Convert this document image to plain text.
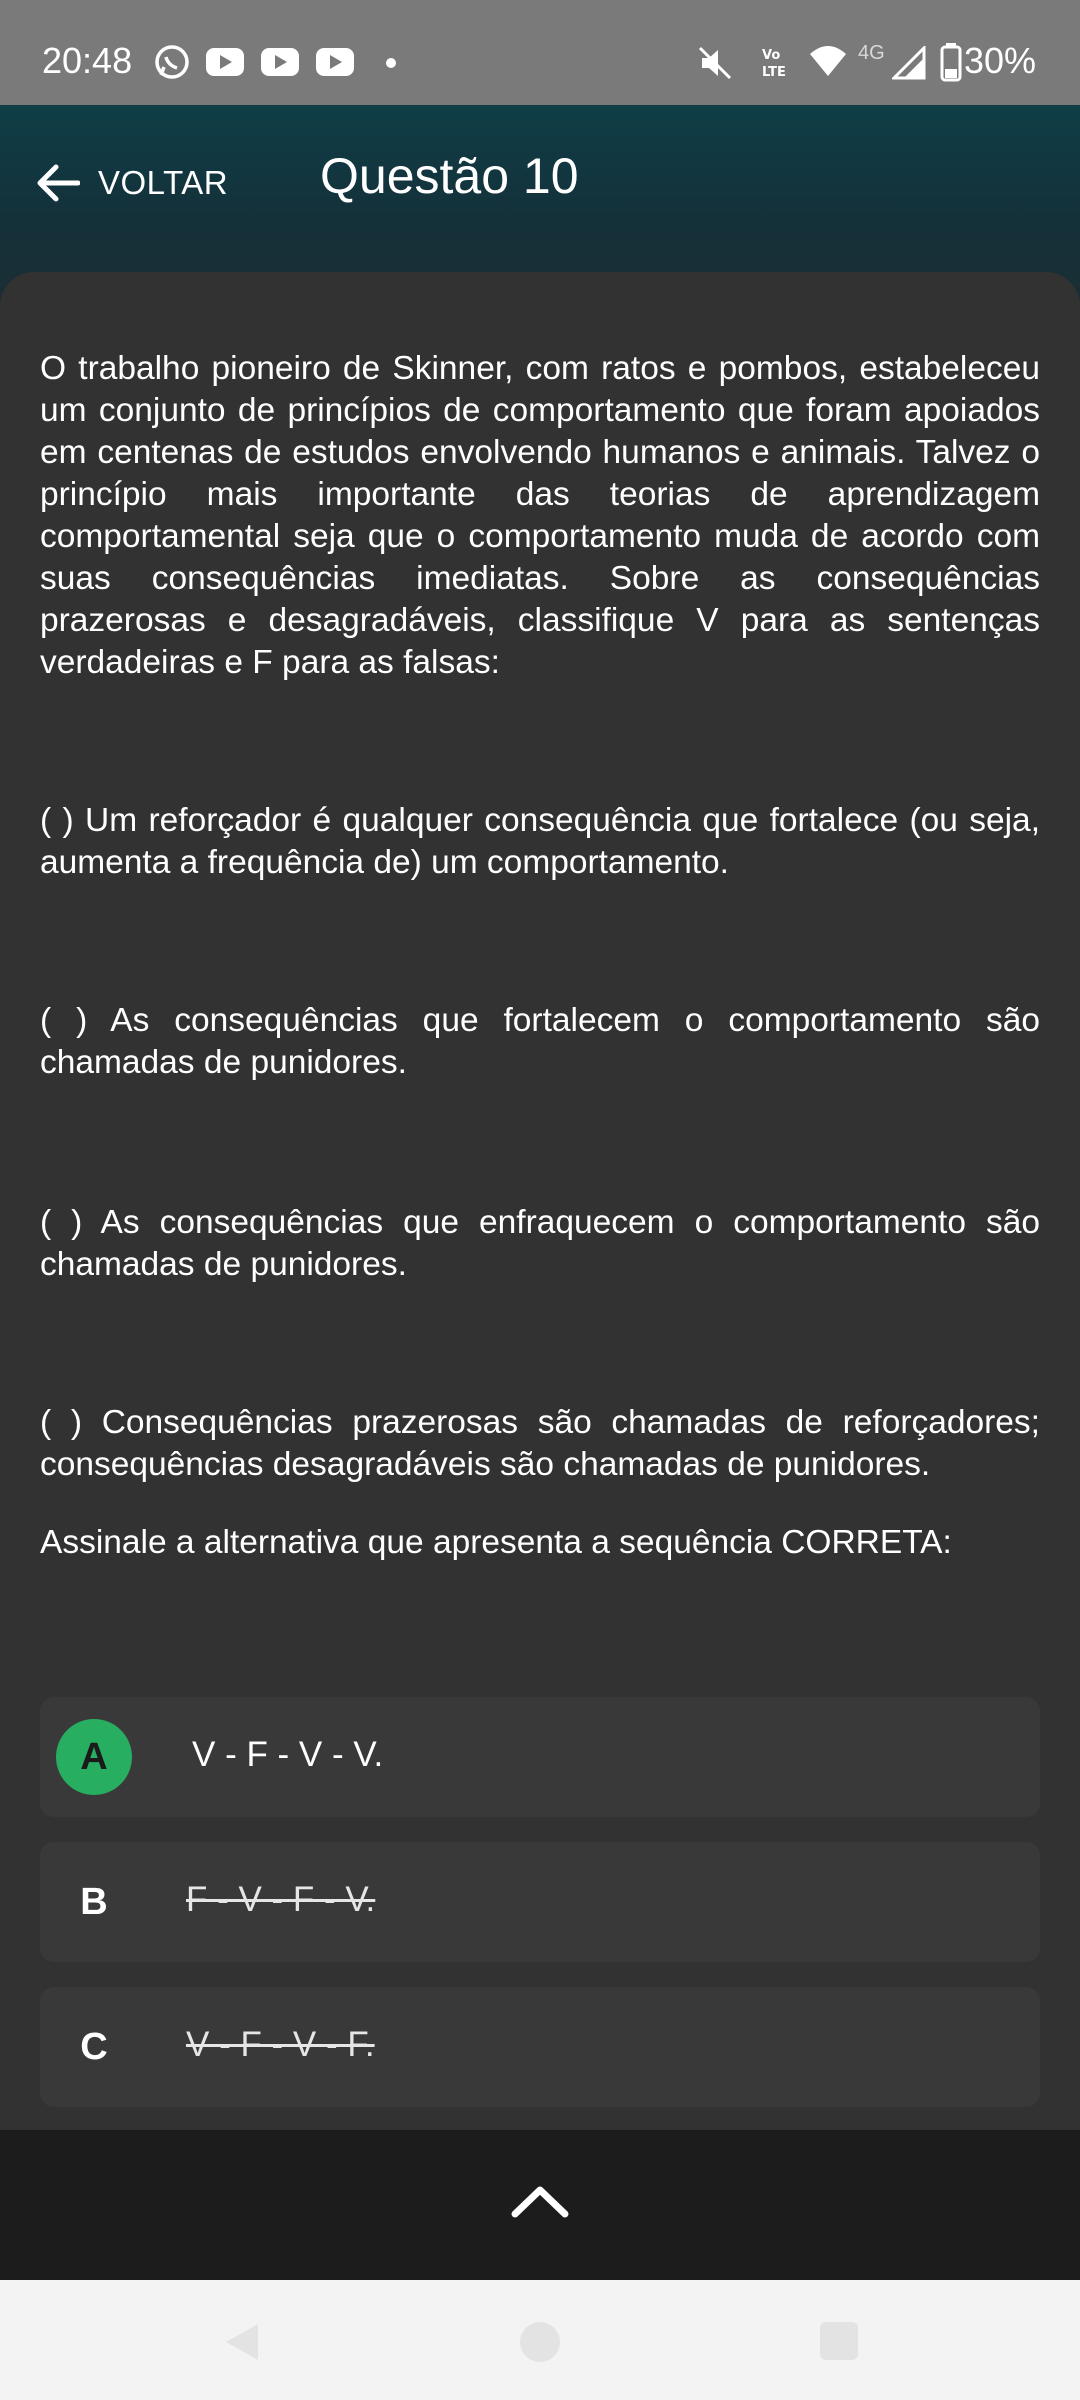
20:48	Vo
LTE
4G 30%
VOLTAR Questão 10

O trabalho pioneiro de Skinner, com ratos e pombos, estabeleceu um conjunto de princípios de comportamento que foram apoiados em centenas de estudos envolvendo humanos e animais. Talvez o princípio mais importante das teorias de aprendizagem comportamental seja que o comportamento muda de acordo com suas consequências imediatas. Sobre as consequências prazerosas e desagradáveis, classifique V para as sentenças verdadeiras e F para as falsas:

( ) Um reforçador é qualquer consequência que fortalece (ou seja, aumenta a frequência de) um comportamento.

( ) As consequências que fortalecem o comportamento são chamadas de punidores.

( ) As consequências que enfraquecem o comportamento são chamadas de punidores.

( ) Consequências prazerosas são chamadas de reforçadores; consequências desagradáveis são chamadas de punidores.

Assinale a alternativa que apresenta a sequência CORRETA:

A	V - F - V - V.
B	F - V - F - V.
C	V - F - V - F.
